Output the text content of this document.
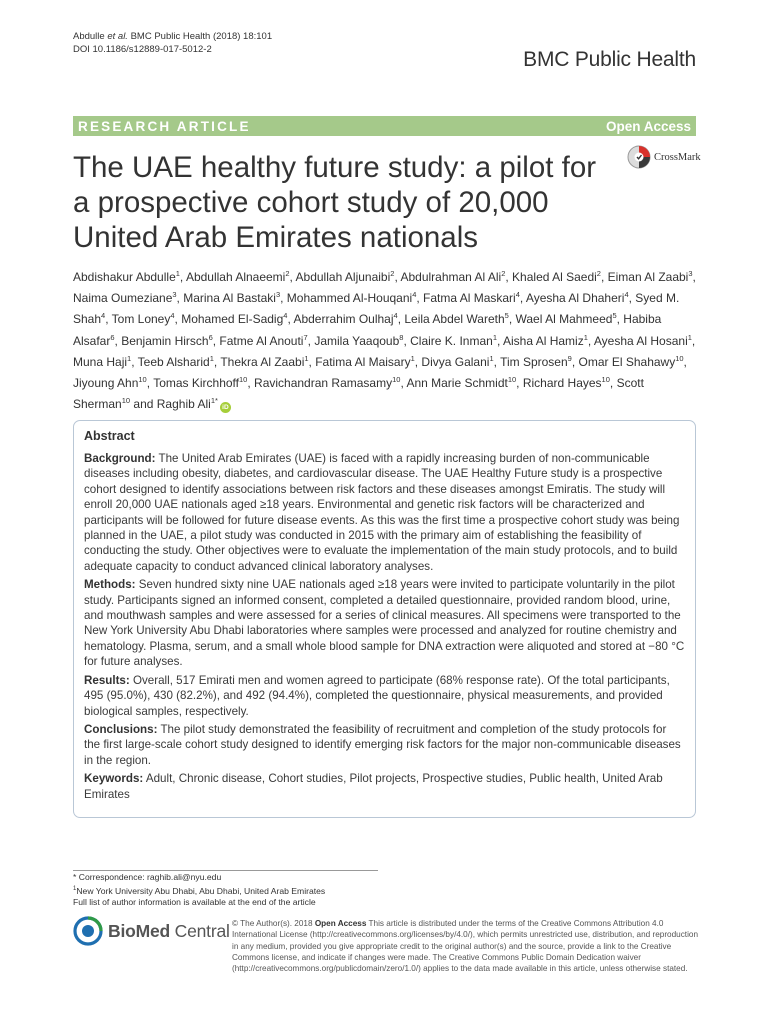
Abdulle et al. BMC Public Health (2018) 18:101
DOI 10.1186/s12889-017-5012-2	BMC Public Health
RESEARCH ARTICLE	Open Access
The UAE healthy future study: a pilot for a prospective cohort study of 20,000 United Arab Emirates nationals
CrossMark
Abdishakur Abdulle$^1$, Abdullah Alnaeemi$^2$, Abdullah Aljunaibi$^2$, Abdulrahman Al Ali$^2$, Khaled Al Saedi$^2$, Eiman Al Zaabi$^3$, Naima Oumeziane$^3$, Marina Al Bastaki$^3$, Mohammed Al-Houqani$^4$, Fatma Al Maskari$^4$, Ayesha Al Dhaheri$^4$, Syed M. Shah$^4$, Tom Loney$^4$, Mohamed El-Sadig$^4$, Abderrahim Oulhaj$^4$, Leila Abdel Wareth$^5$, Wael Al Mahmeed$^5$, Habiba Alsafar$^6$, Benjamin Hirsch$^6$, Fatme Al Anouti$^7$, Jamila Yaaqoub$^8$, Claire K. Inman$^1$, Aisha Al Hamiz$^1$, Ayesha Al Hosani$^1$, Muna Haji$^1$, Teeb Alsharid$^1$, Thekra Al Zaabi$^1$, Fatima Al Maisary$^1$, Divya Galani$^1$, Tim Sprosen$^9$, Omar El Shahawy$^{10}$, Jiyoung Ahn$^{10}$, Tomas Kirchhoff$^{10}$, Ravichandran Ramasamy$^{10}$, Ann Marie Schmidt$^{10}$, Richard Hayes$^{10}$, Scott Sherman$^{10}$ and Raghib Ali$^{1*}$iD
Abstract

Background: The United Arab Emirates (UAE) is faced with a rapidly increasing burden of non-communicable diseases including obesity, diabetes, and cardiovascular disease. The UAE Healthy Future study is a prospective cohort designed to identify associations between risk factors and these diseases amongst Emiratis. The study will enroll 20,000 UAE nationals aged ≥18 years. Environmental and genetic risk factors will be characterized and participants will be followed for future disease events. As this was the first time a prospective cohort study was being planned in the UAE, a pilot study was conducted in 2015 with the primary aim of establishing the feasibility of conducting the study. Other objectives were to evaluate the implementation of the main study protocols, and to build adequate capacity to conduct advanced clinical laboratory analyses.

Methods: Seven hundred sixty nine UAE nationals aged ≥18 years were invited to participate voluntarily in the pilot study. Participants signed an informed consent, completed a detailed questionnaire, provided random blood, urine, and mouthwash samples and were assessed for a series of clinical measures. All specimens were transported to the New York University Abu Dhabi laboratories where samples were processed and analyzed for routine chemistry and hematology. Plasma, serum, and a small whole blood sample for DNA extraction were aliquoted and stored at −80 °C for future analyses.

Results: Overall, 517 Emirati men and women agreed to participate (68% response rate). Of the total participants, 495 (95.0%), 430 (82.2%), and 492 (94.4%), completed the questionnaire, physical measurements, and provided biological samples, respectively.

Conclusions: The pilot study demonstrated the feasibility of recruitment and completion of the study protocols for the first large-scale cohort study designed to identify emerging risk factors for the major non-communicable diseases in the region.

Keywords: Adult, Chronic disease, Cohort studies, Pilot projects, Prospective studies, Public health, United Arab Emirates

* Correspondence: raghib.ali@nyu.edu
$^1$New York University Abu Dhabi, Abu Dhabi, United Arab Emirates
Full list of author information is available at the end of the article
BioMed Central © The Author(s). 2018 Open Access This article is distributed under the terms of the Creative Commons Attribution 4.0 International License (http://creativecommons.org/licenses/by/4.0/), which permits unrestricted use, distribution, and reproduction in any medium, provided you give appropriate credit to the original author(s) and the source, provide a link to the Creative Commons license, and indicate if changes were made. The Creative Commons Public Domain Dedication waiver (http://creativecommons.org/publicdomain/zero/1.0/) applies to the data made available in this article, unless otherwise stated.
